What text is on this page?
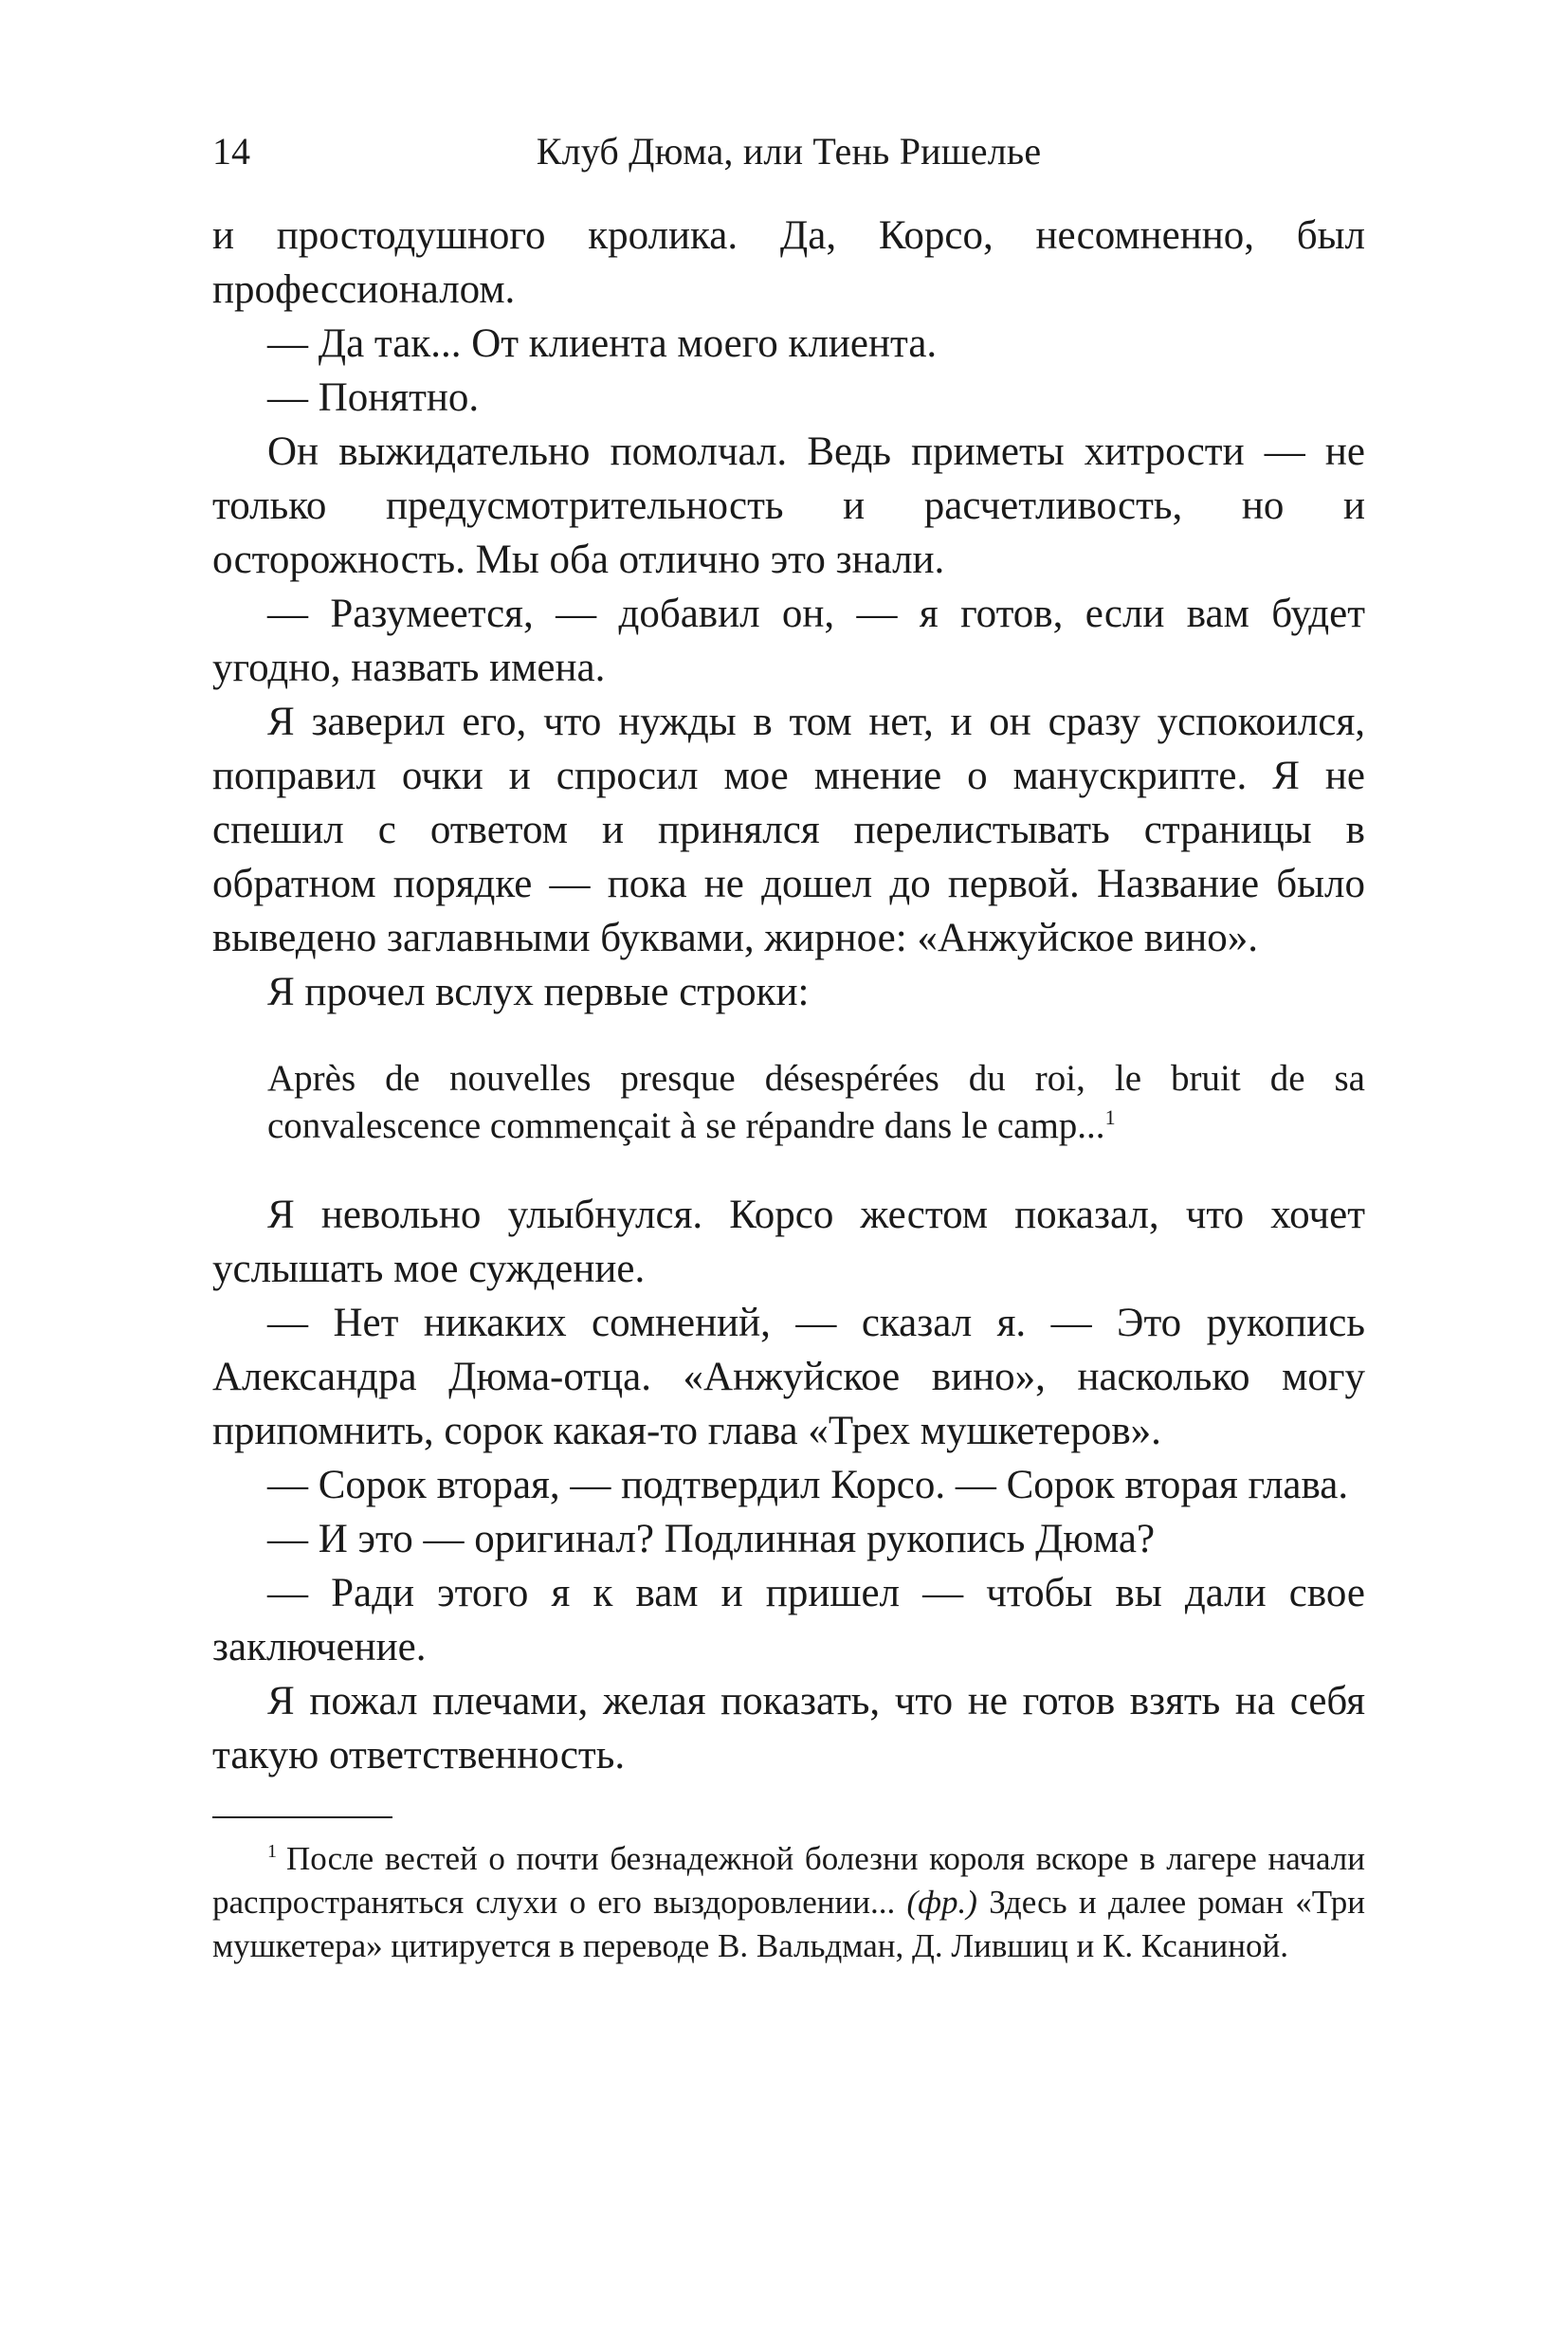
14	Клуб Дюма, или Тень Ришелье

и простодушного кролика. Да, Корсо, несомненно, был профессионалом.

— Да так... От клиента моего клиента.

— Понятно.

Он выжидательно помолчал. Ведь приметы хитрости — не только предусмотрительность и расчетливость, но и осторожность. Мы оба отлично это знали.

— Разумеется, — добавил он, — я готов, если вам будет угодно, назвать имена.

Я заверил его, что нужды в том нет, и он сразу успокоился, поправил очки и спросил мое мнение о манускрипте. Я не спешил с ответом и принялся перелистывать страницы в обратном порядке — пока не дошел до первой. Название было выведено заглавными буквами, жирное: «Анжуйское вино».

Я прочел вслух первые строки:

Après de nouvelles presque désespérées du roi, le bruit de sa convalescence commençait à se répandre dans le camp...$^1$

Я невольно улыбнулся. Корсо жестом показал, что хочет услышать мое суждение.

— Нет никаких сомнений, — сказал я. — Это рукопись Александра Дюма-отца. «Анжуйское вино», насколько могу припомнить, сорок какая-то глава «Трех мушкетеров».

— Сорок вторая, — подтвердил Корсо. — Сорок вторая глава.

— И это — оригинал? Подлинная рукопись Дюма?

— Ради этого я к вам и пришел — чтобы вы дали свое заключение.

Я пожал плечами, желая показать, что не готов взять на себя такую ответственность.

$^1$ После вестей о почти безнадежной болезни короля вскоре в лагере начали распространяться слухи о его выздоровлении... (фр.) Здесь и далее роман «Три мушкетера» цитируется в переводе В. Вальдман, Д. Лившиц и К. Ксаниной.
